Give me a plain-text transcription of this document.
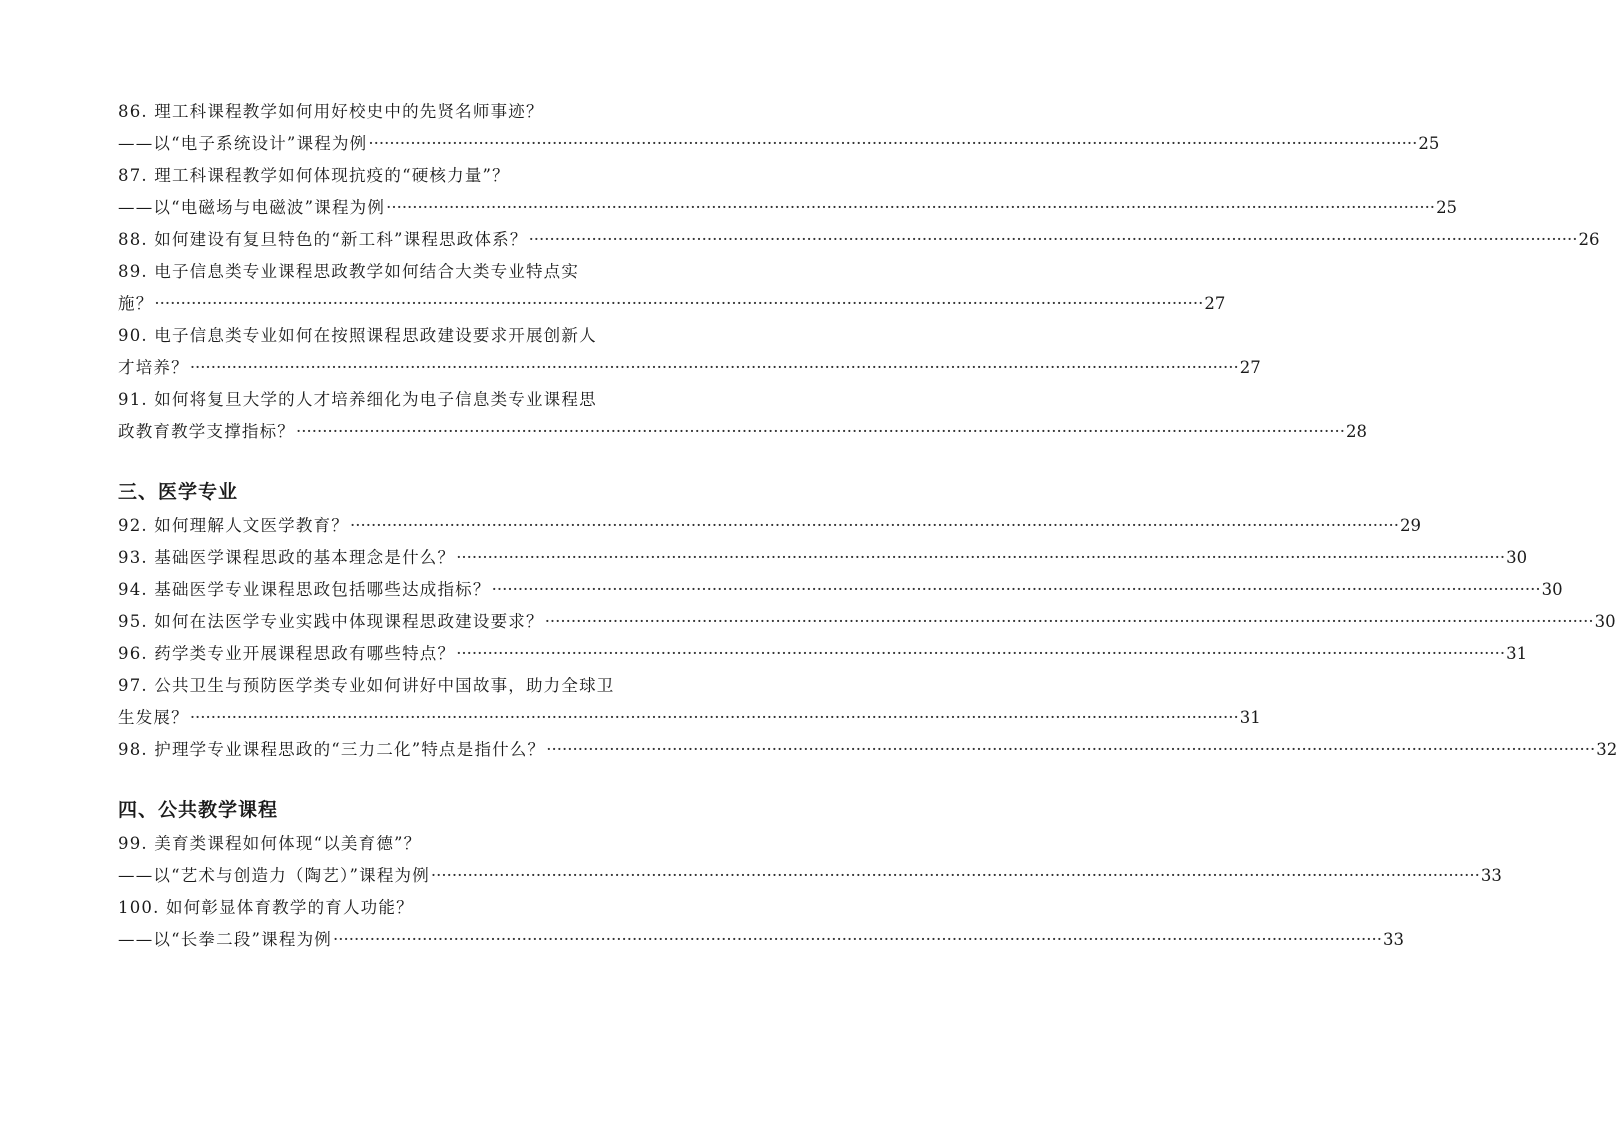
86. 理工科课程教学如何用好校史中的先贤名师事迹？
——以“电子系统设计”课程为例 ········································································································································································································ 25
87. 理工科课程教学如何体现抗疫的“硬核力量”？
——以“电磁场与电磁波”课程为例 ········································································································································································································ 25
88. 如何建设有复旦特色的“新工科”课程思政体系？ ········································································································································································································ 26
89. 电子信息类专业课程思政教学如何结合大类专业特点实
施？ ········································································································································································································ 27
90. 电子信息类专业如何在按照课程思政建设要求开展创新人
才培养？ ········································································································································································································ 27
91. 如何将复旦大学的人才培养细化为电子信息类专业课程思
政教育教学支撑指标？ ········································································································································································································ 28
三、医学专业
92. 如何理解人文医学教育？ ········································································································································································································ 29
93. 基础医学课程思政的基本理念是什么？ ········································································································································································································ 30
94. 基础医学专业课程思政包括哪些达成指标？ ········································································································································································································ 30
95. 如何在法医学专业实践中体现课程思政建设要求？ ········································································································································································································ 30
96. 药学类专业开展课程思政有哪些特点？ ········································································································································································································ 31
97. 公共卫生与预防医学类专业如何讲好中国故事，助力全球卫
生发展？ ········································································································································································································ 31
98. 护理学专业课程思政的“三力二化”特点是指什么？ ········································································································································································································ 32
四、公共教学课程
99. 美育类课程如何体现“以美育德”？
——以“艺术与创造力（陶艺）”课程为例 ········································································································································································································ 33
100. 如何彰显体育教学的育人功能？
——以“长拳二段”课程为例 ········································································································································································································ 33
